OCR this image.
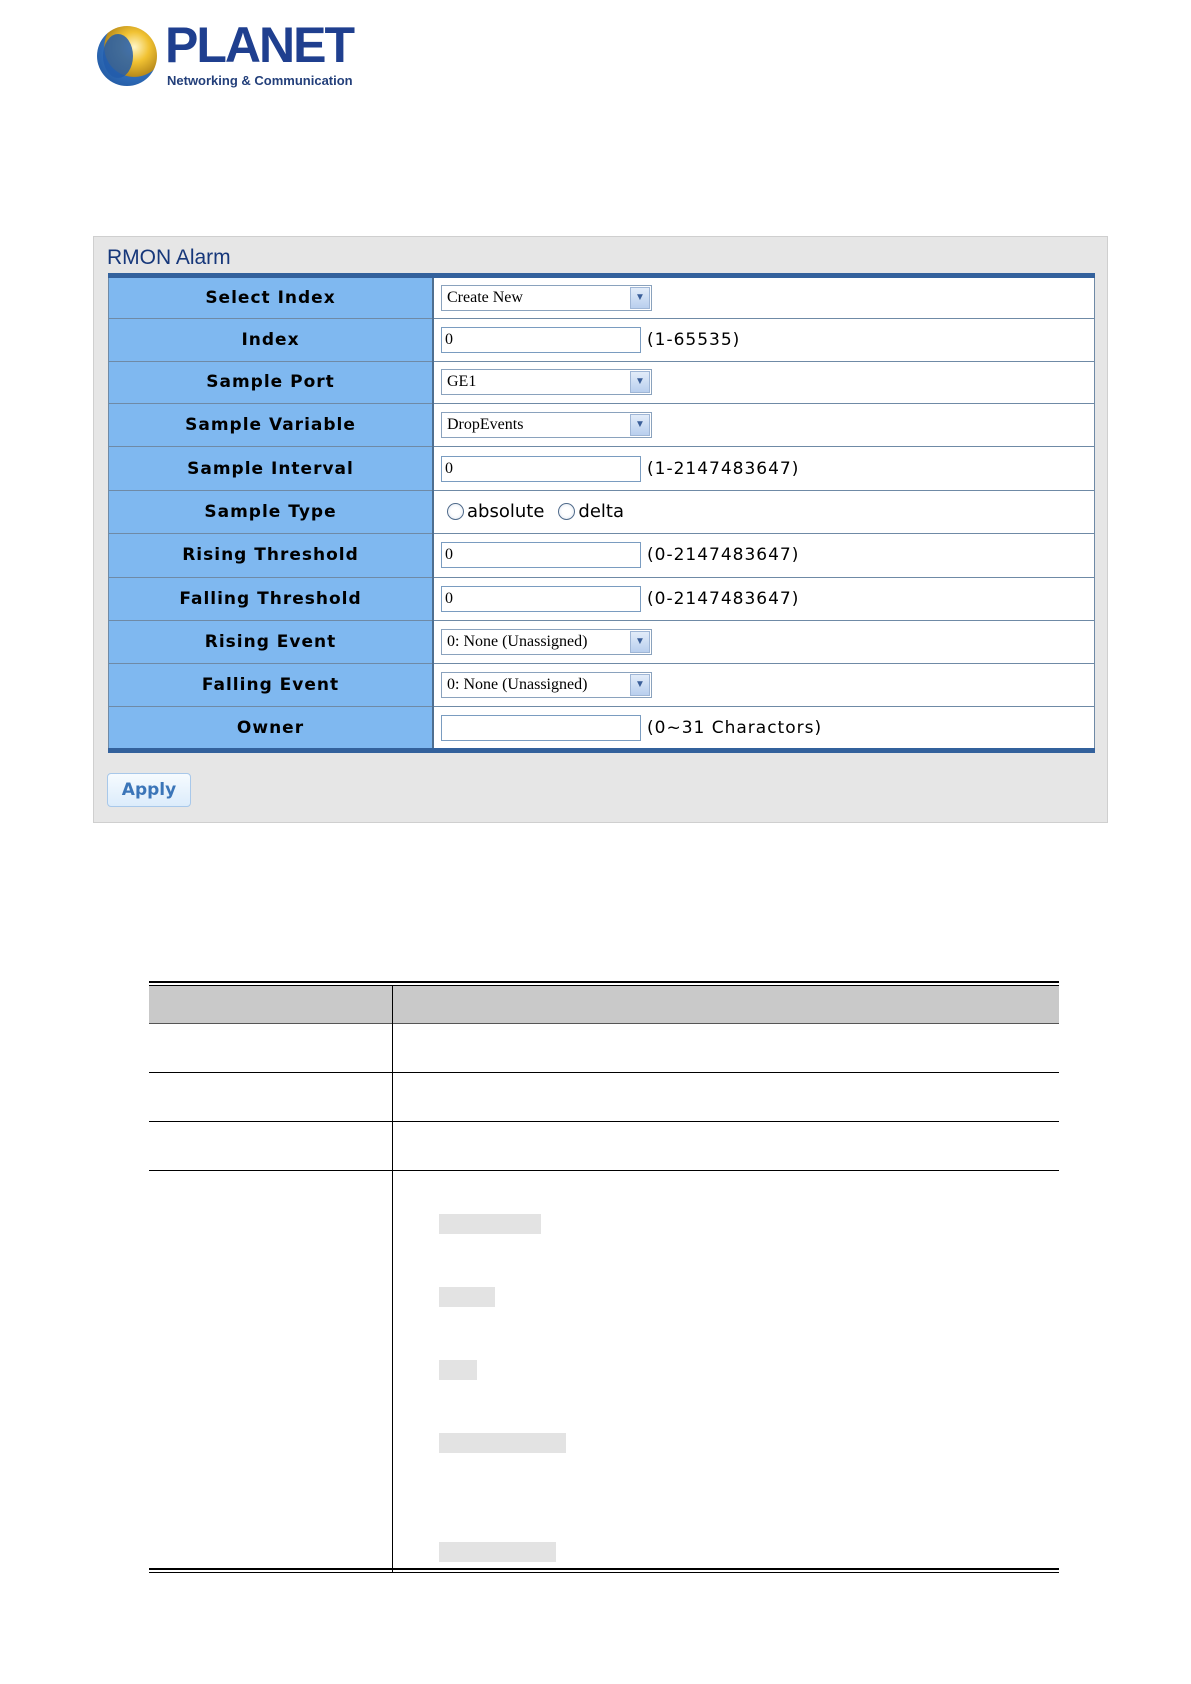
PLANET
Networking & Communication
RMON Alarm
Select Index	Create New ▼

Index	0 (1-65535)
Sample Port	GE1 ▼

Sample Variable	DropEvents ▼

Sample Interval	0 (1-2147483647)
Sample Type	absolute delta
Rising Threshold	0 (0-2147483647)
Falling Threshold	0 (0-2147483647)
Rising Event	0: None (Unassigned) ▼

Falling Event	0: None (Unassigned) ▼

Owner	(0~31 Charactors)
Apply
